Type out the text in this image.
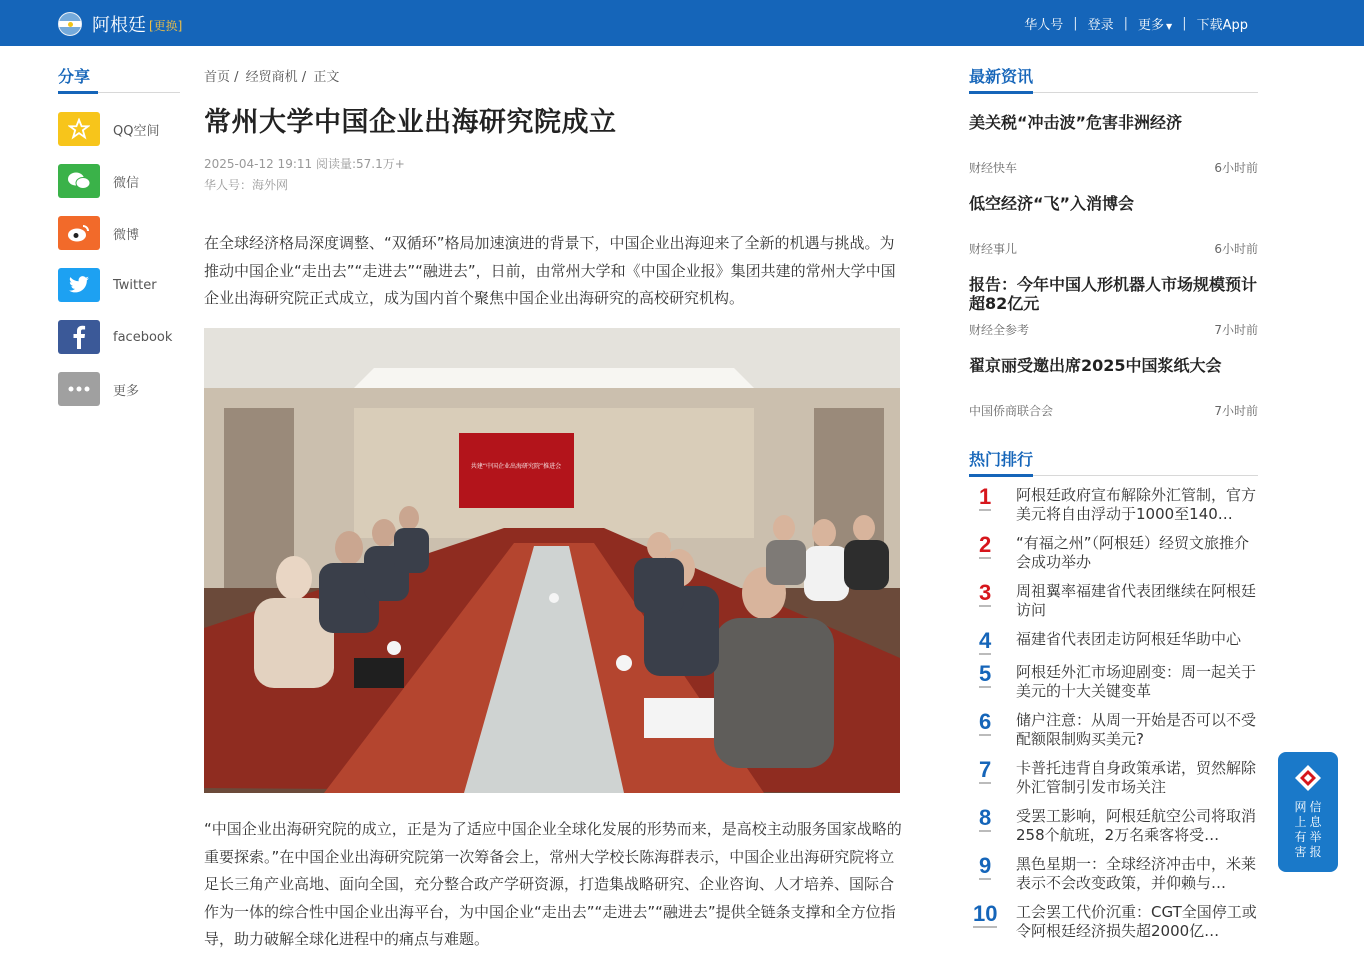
阿根廷 [更换]	华人号 | 登录 | 更多 ▼ | 下载App
分享
QQ空间
微信
微博
Twitter
facebook
更多
首页 / 经贸商机 / 正文
常州大学中国企业出海研究院成立
2025-04-12 19:11 阅读量:57.1万+
华人号：海外网

在全球经济格局深度调整、“双循环”格局加速演进的背景下，中国企业出海迎来了全新的机遇与挑战。为推动中国企业“走出去”“走进去”“融进去”，日前，由常州大学和《中国企业报》集团共建的常州大学中国企业出海研究院正式成立，成为国内首个聚焦中国企业出海研究的高校研究机构。

共建“中国企业出海研究院”推进会

“中国企业出海研究院的成立，正是为了适应中国企业全球化发展的形势而来，是高校主动服务国家战略的重要探索。”在中国企业出海研究院第一次筹备会上，常州大学校长陈海群表示，中国企业出海研究院将立足长三角产业高地、面向全国，充分整合政产学研资源，打造集战略研究、企业咨询、人才培养、国际合作为一体的综合性中国企业出海平台，为中国企业“走出去”“走进去”“融进去”提供全链条支撑和全方位指导，助力破解全球化进程中的痛点与难题。

最新资讯
美关税“冲击波”危害非洲经济
财经快车	6小时前
低空经济“飞”入消博会
财经事儿	6小时前
报告：今年中国人形机器人市场规模预计超82亿元
财经全参考	7小时前
翟京丽受邀出席2025中国浆纸大会
中国侨商联合会	7小时前
热门排行
1	阿根廷政府宣布解除外汇管制，官方美元将自由浮动于1000至140…
2	“有福之州”（阿根廷）经贸文旅推介会成功举办
3	周祖翼率福建省代表团继续在阿根廷访问
4	福建省代表团走访阿根廷华助中心
5	阿根廷外汇市场迎剧变：周一起关于美元的十大关键变革
6	储户注意：从周一开始是否可以不受配额限制购买美元?
7	卡普托违背自身政策承诺，贸然解除外汇管制引发市场关注
8	受罢工影响，阿根廷航空公司将取消258个航班，2万名乘客将受…
9	黑色星期一：全球经济冲击中，米莱表示不会改变政策，并仰赖与…
10	工会罢工代价沉重：CGT全国停工或令阿根廷经济损失超2000亿…
网 信
上 息
有 举
害 报
